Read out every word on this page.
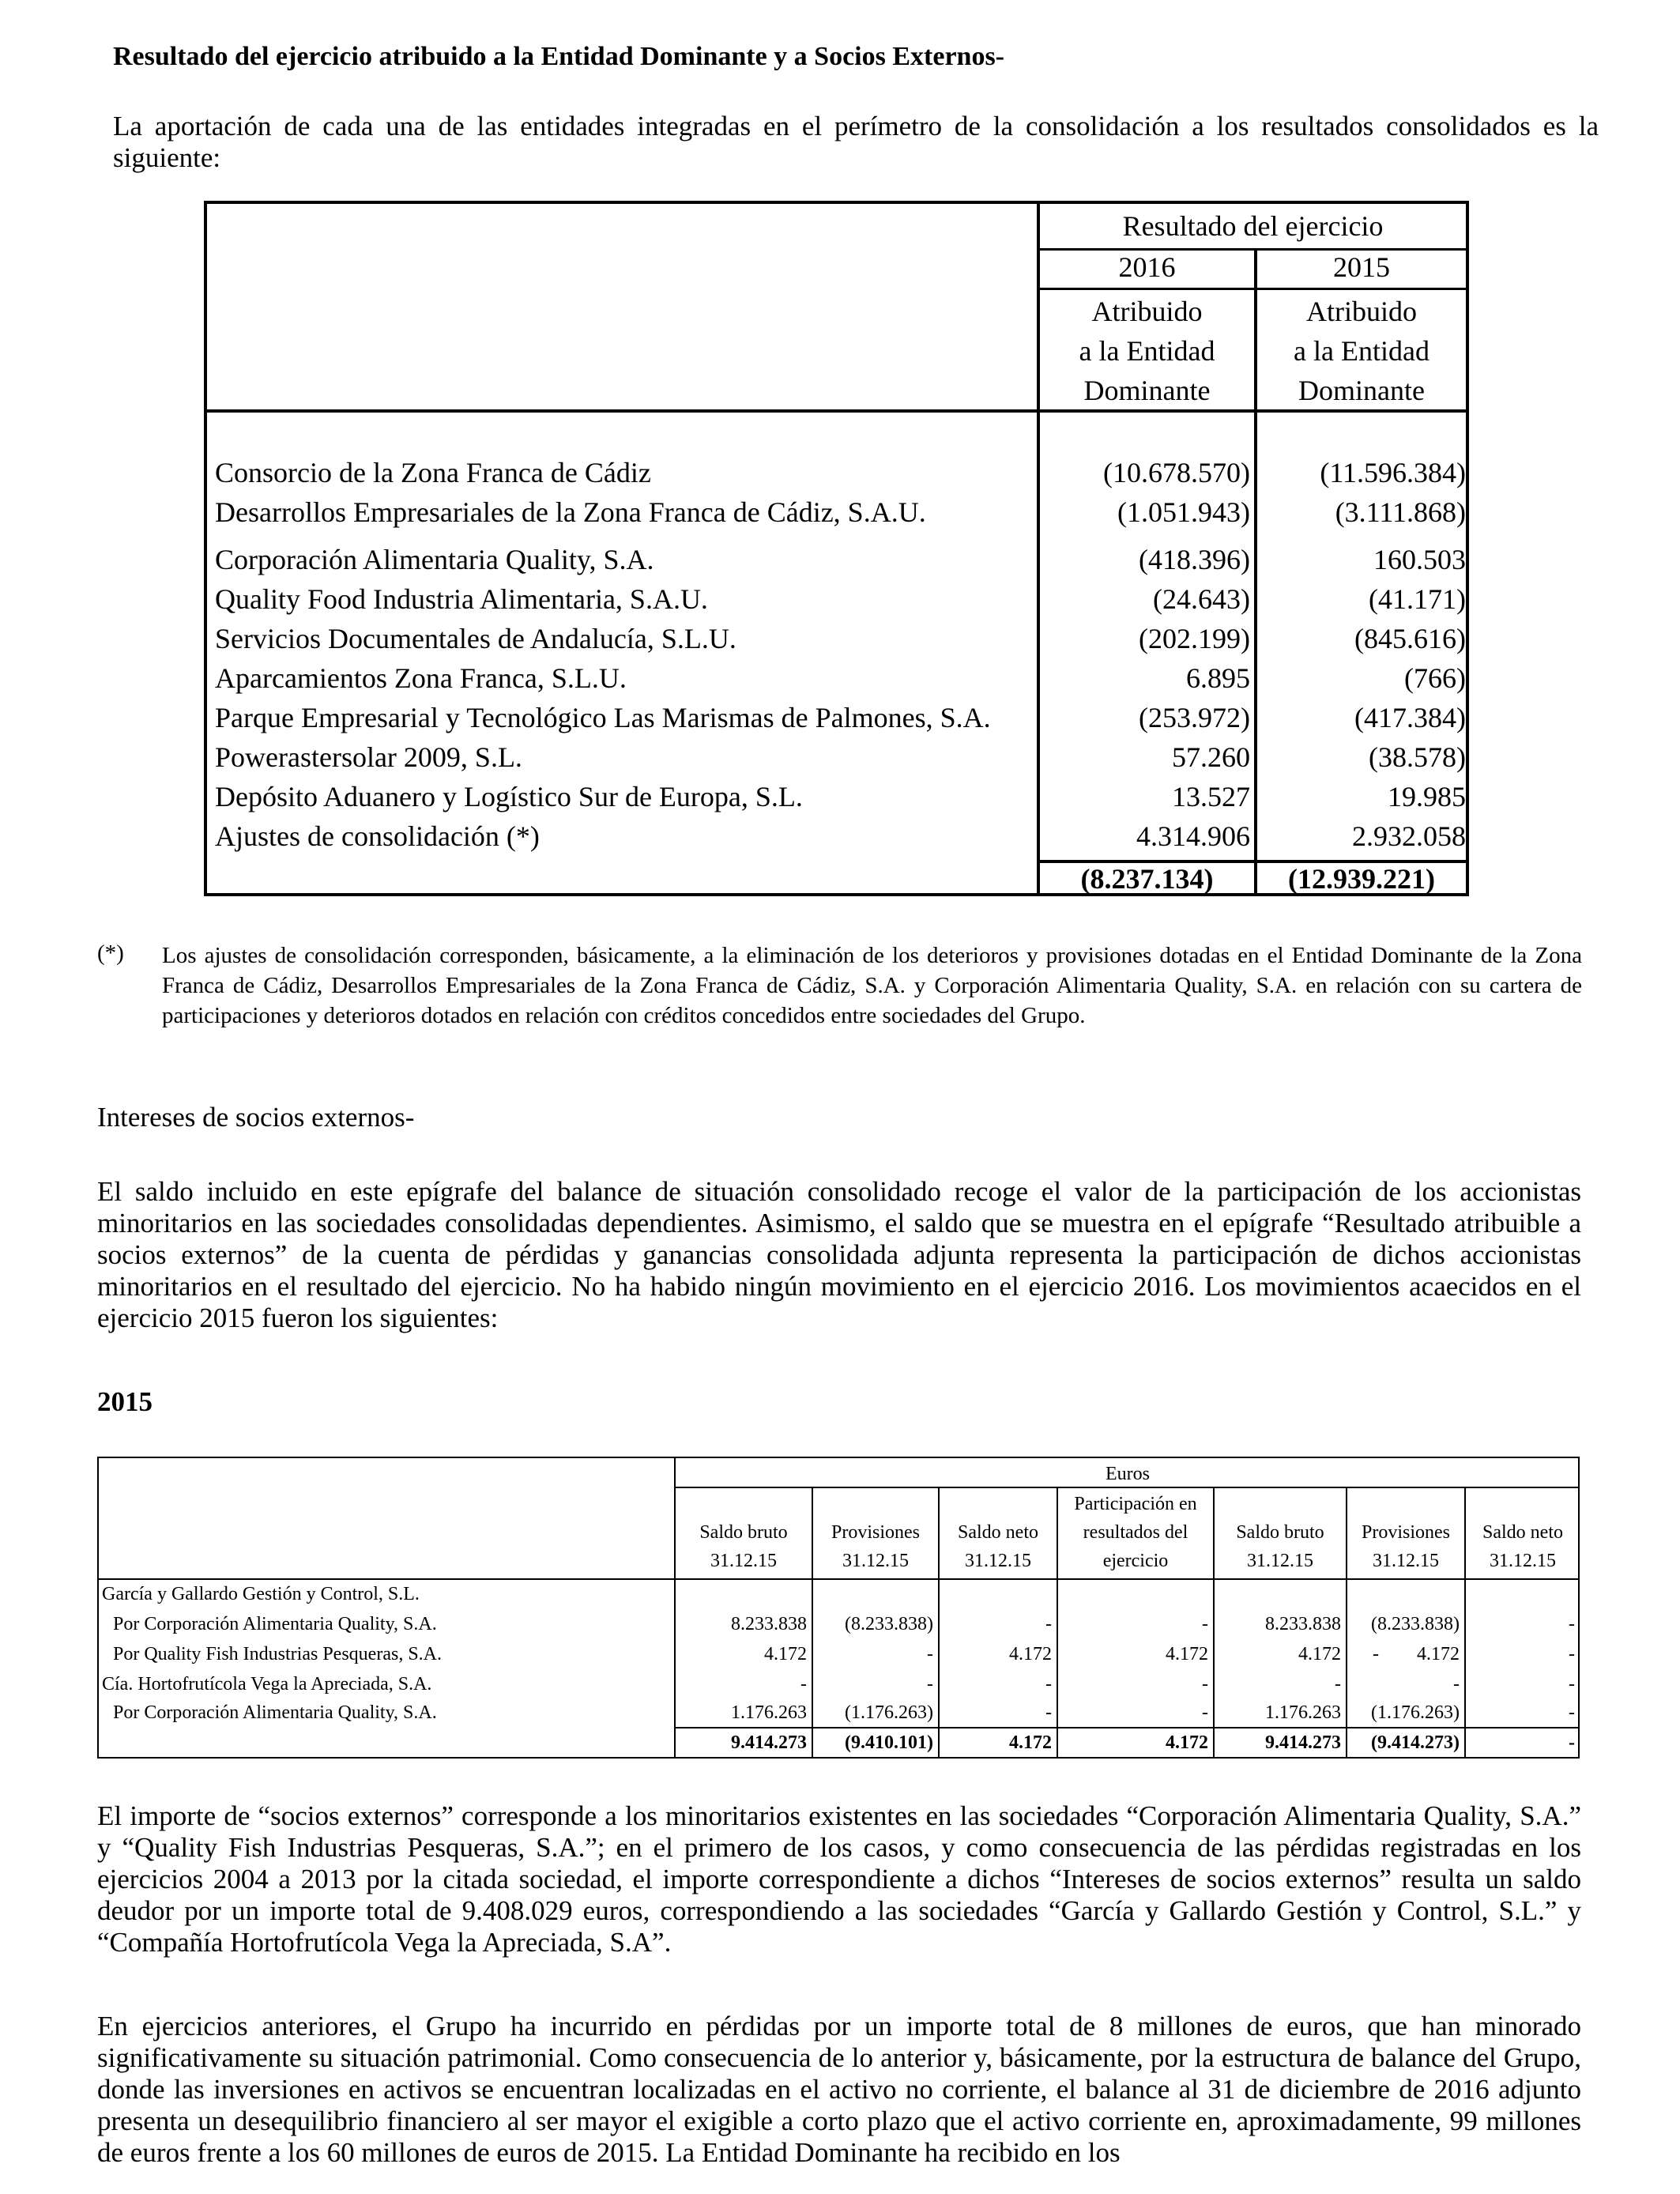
Resultado del ejercicio atribuido a la Entidad Dominante y a Socios Externos-
La aportación de cada una de las entidades integradas en el perímetro de la consolidación a los resultados consolidados es la siguiente:
Resultado del ejercicio
2016	2015
Atribuido
a la Entidad
Dominante
Atribuido
a la Entidad
Dominante
Consorcio de la Zona Franca de Cádiz	(10.678.570)	(11.596.384)
Desarrollos Empresariales de la Zona Franca de Cádiz, S.A.U.	(1.051.943)	(3.111.868)
Corporación Alimentaria Quality, S.A.	(418.396)	160.503
Quality Food Industria Alimentaria, S.A.U.	(24.643)	(41.171)
Servicios Documentales de Andalucía, S.L.U.	(202.199)	(845.616)
Aparcamientos Zona Franca, S.L.U.	6.895	(766)
Parque Empresarial y Tecnológico Las Marismas de Palmones, S.A.	(253.972)	(417.384)
Powerastersolar 2009, S.L.	57.260	(38.578)
Depósito Aduanero y Logístico Sur de Europa, S.L.	13.527	19.985
Ajustes de consolidación (*)	4.314.906	2.932.058
(8.237.134)	(12.939.221)
(*) Los ajustes de consolidación corresponden, básicamente, a la eliminación de los deterioros y provisiones dotadas en el Entidad Dominante de la Zona Franca de Cádiz, Desarrollos Empresariales de la Zona Franca de Cádiz, S.A. y Corporación Alimentaria Quality, S.A. en relación con su cartera de participaciones y deterioros dotados en relación con créditos concedidos entre sociedades del Grupo.
Intereses de socios externos-
El saldo incluido en este epígrafe del balance de situación consolidado recoge el valor de la participación de los accionistas minoritarios en las sociedades consolidadas dependientes. Asimismo, el saldo que se muestra en el epígrafe “Resultado atribuible a socios externos” de la cuenta de pérdidas y ganancias consolidada adjunta representa la participación de dichos accionistas minoritarios en el resultado del ejercicio. No ha habido ningún movimiento en el ejercicio 2016. Los movimientos acaecidos en el ejercicio 2015 fueron los siguientes:
2015
Euros
Saldo bruto
31.12.15
Provisiones
31.12.15
Saldo neto
31.12.15
Participación en
resultados del
ejercicio
Saldo bruto
31.12.15
Provisiones
31.12.15
Saldo neto
31.12.15
García y Gallardo Gestión y Control, S.L.
Por Corporación Alimentaria Quality, S.A.	8.233.838	(8.233.838)	-	-	8.233.838	(8.233.838)	-
Por Quality Fish Industrias Pesqueras, S.A.	4.172	-	4.172	4.172	4.172	-        4.172	-
Cía. Hortofrutícola Vega la Apreciada, S.A.	-	-	-	-	-	-	-
Por Corporación Alimentaria Quality, S.A.	1.176.263	(1.176.263)	-	-	1.176.263	(1.176.263)	-
9.414.273	(9.410.101)	4.172	4.172	9.414.273	(9.414.273)	-
El importe de “socios externos” corresponde a los minoritarios existentes en las sociedades “Corporación Alimentaria Quality, S.A.” y “Quality Fish Industrias Pesqueras, S.A.”; en el primero de los casos, y como consecuencia de las pérdidas registradas en los ejercicios 2004 a 2013 por la citada sociedad, el importe correspondiente a dichos “Intereses de socios externos” resulta un saldo deudor por un importe total de 9.408.029 euros, correspondiendo a las sociedades “García y Gallardo Gestión y Control, S.L.” y “Compañía Hortofrutícola Vega la Apreciada, S.A”.
En ejercicios anteriores, el Grupo ha incurrido en pérdidas por un importe total de 8 millones de euros, que han minorado significativamente su situación patrimonial. Como consecuencia de lo anterior y, básicamente, por la estructura de balance del Grupo, donde las inversiones en activos se encuentran localizadas en el activo no corriente, el balance al 31 de diciembre de 2016 adjunto presenta un desequilibrio financiero al ser mayor el exigible a corto plazo que el activo corriente en, aproximadamente, 99 millones de euros frente a los 60 millones de euros de 2015. La Entidad Dominante ha recibido en los
